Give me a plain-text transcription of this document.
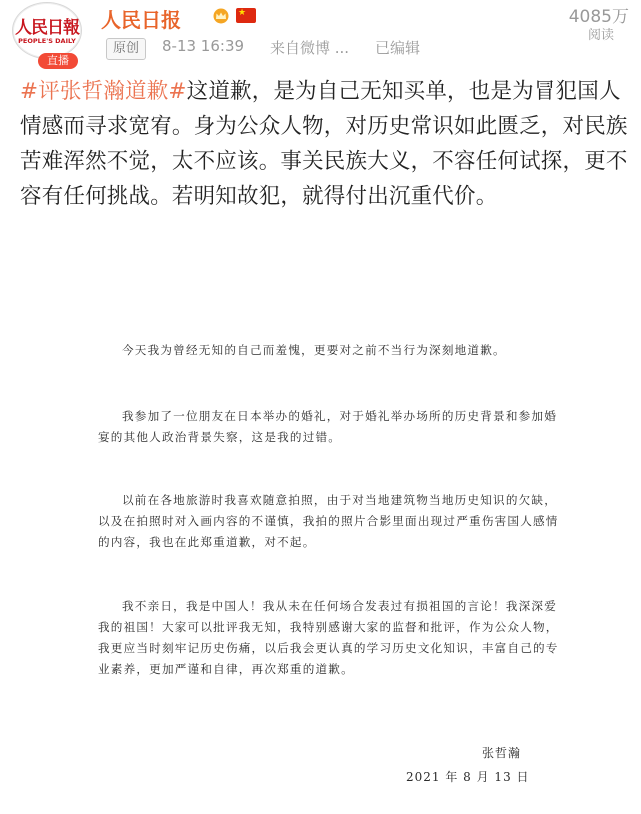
人民日報
PEOPLE'S DAILY
直播
人民日报	★
原创	8-13 16:39 来自微博 ... 已编辑
4085万
阅读
#评张哲瀚道歉#这道歉，是为自己无知买单，也是为冒犯国人情感而寻求宽宥。身为公众人物，对历史常识如此匮乏，对民族苦难浑然不觉，太不应该。事关民族大义，不容任何试探，更不容有任何挑战。若明知故犯，就得付出沉重代价。

今天我为曾经无知的自己而羞愧，更要对之前不当行为深刻地道歉。

我参加了一位朋友在日本举办的婚礼，对于婚礼举办场所的历史背景和参加婚宴的其他人政治背景失察，这是我的过错。

以前在各地旅游时我喜欢随意拍照，由于对当地建筑物当地历史知识的欠缺，以及在拍照时对入画内容的不谨慎，我拍的照片合影里面出现过严重伤害国人感情的内容，我也在此郑重道歉，对不起。

我不亲日，我是中国人！我从未在任何场合发表过有损祖国的言论！我深深爱我的祖国！大家可以批评我无知，我特别感谢大家的监督和批评，作为公众人物，我更应当时刻牢记历史伤痛，以后我会更认真的学习历史文化知识，丰富自己的专业素养，更加严谨和自律，再次郑重的道歉。

张哲瀚
2021 年 8 月 13 日
